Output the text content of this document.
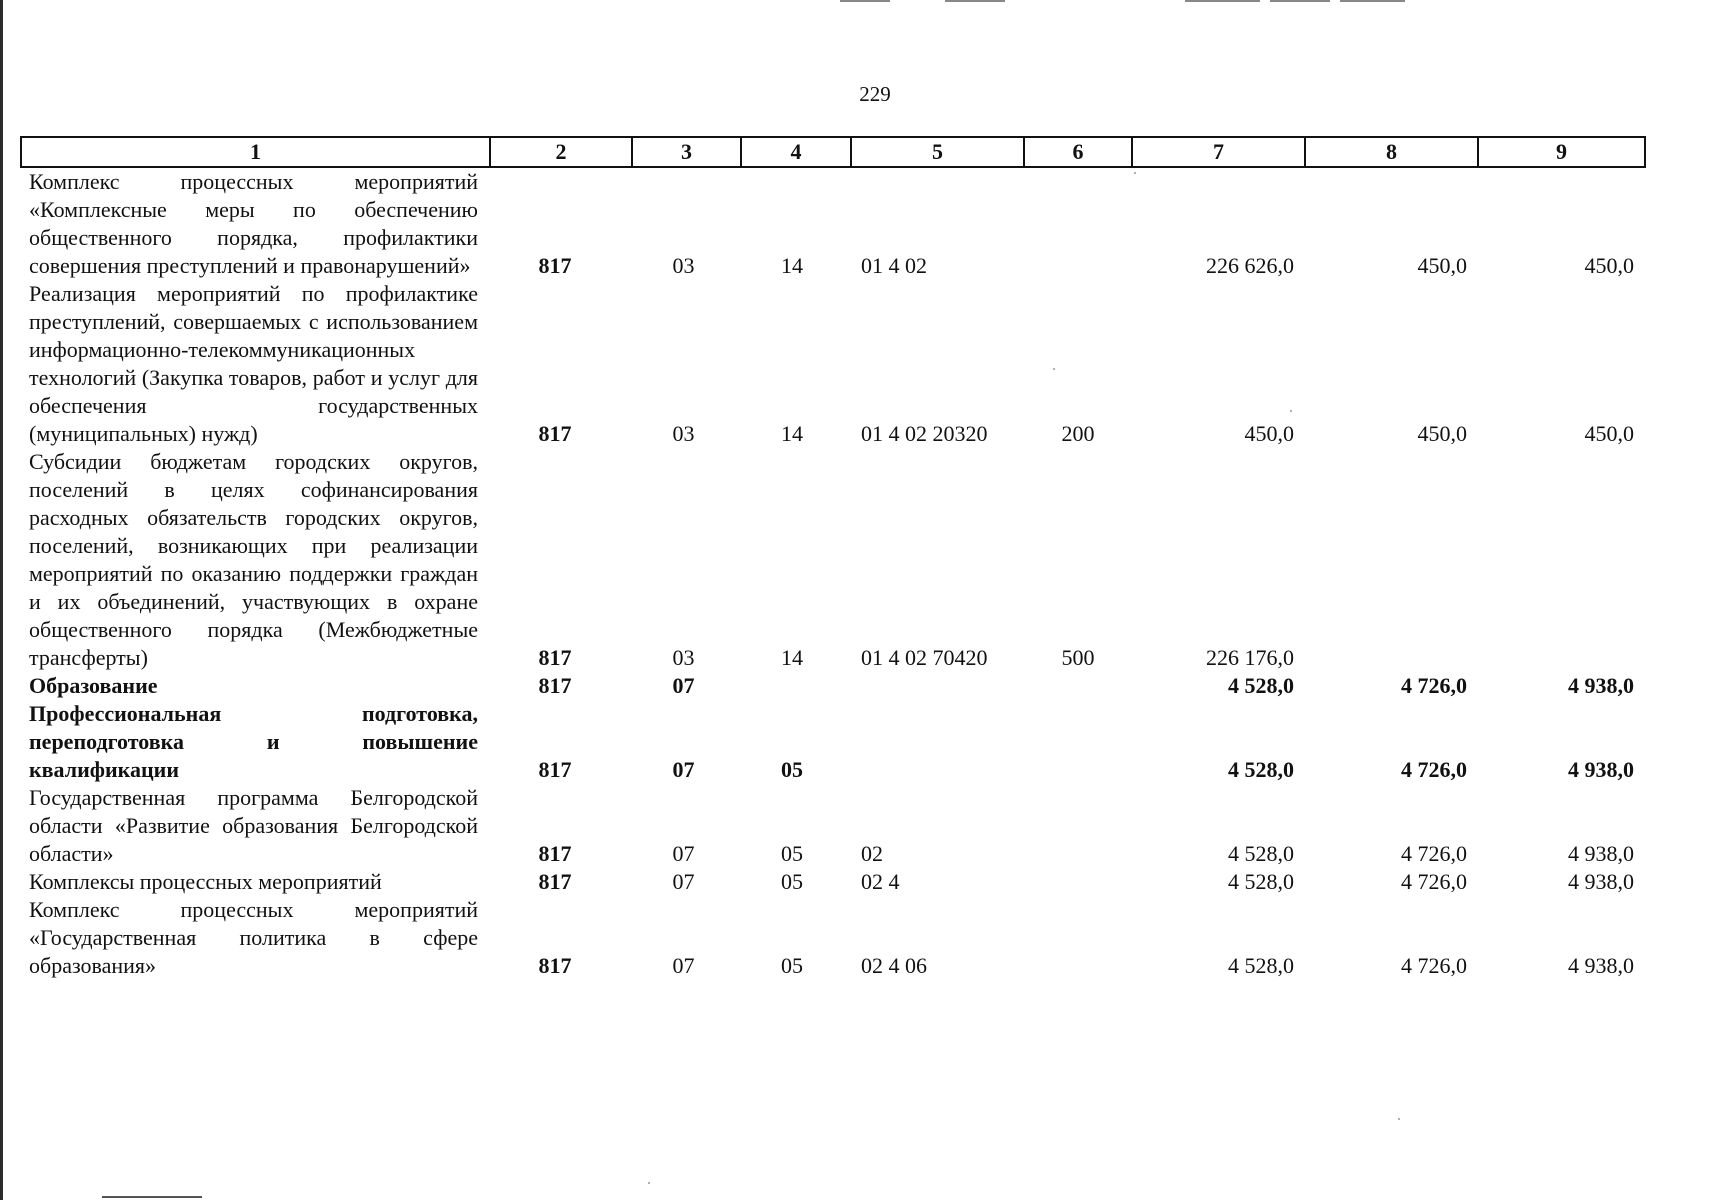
229
1	2	3	4	5	6	7	8	9
Комплекс процессных мероприятий «Комплексные меры по обеспечению общественного порядка, профилактики совершения преступлений и правонарушений»	817	03	14	01 4 02		226 626,0	450,0	450,0
Реализация мероприятий по профилактике преступлений, совершаемых с использованием информационно-телекоммуникационных технологий (Закупка товаров, работ и услуг для обеспечения государственных (муниципальных) нужд)	817	03	14	01 4 02 20320	200	450,0	450,0	450,0
Субсидии бюджетам городских округов, поселений в целях софинансирования расходных обязательств городских округов, поселений, возникающих при реализации мероприятий по оказанию поддержки граждан и их объединений, участвующих в охране общественного порядка (Межбюджетные трансферты)	817	03	14	01 4 02 70420	500	226 176,0		
Образование	817	07				4 528,0	4 726,0	4 938,0
Профессиональная подготовка, переподготовка и повышение квалификации	817	07	05			4 528,0	4 726,0	4 938,0
Государственная программа Белгородской области «Развитие образования Белгородской области»	817	07	05	02		4 528,0	4 726,0	4 938,0
Комплексы процессных мероприятий	817	07	05	02 4		4 528,0	4 726,0	4 938,0
Комплекс процессных мероприятий «Государственная политика в сфере образования»	817	07	05	02 4 06		4 528,0	4 726,0	4 938,0
